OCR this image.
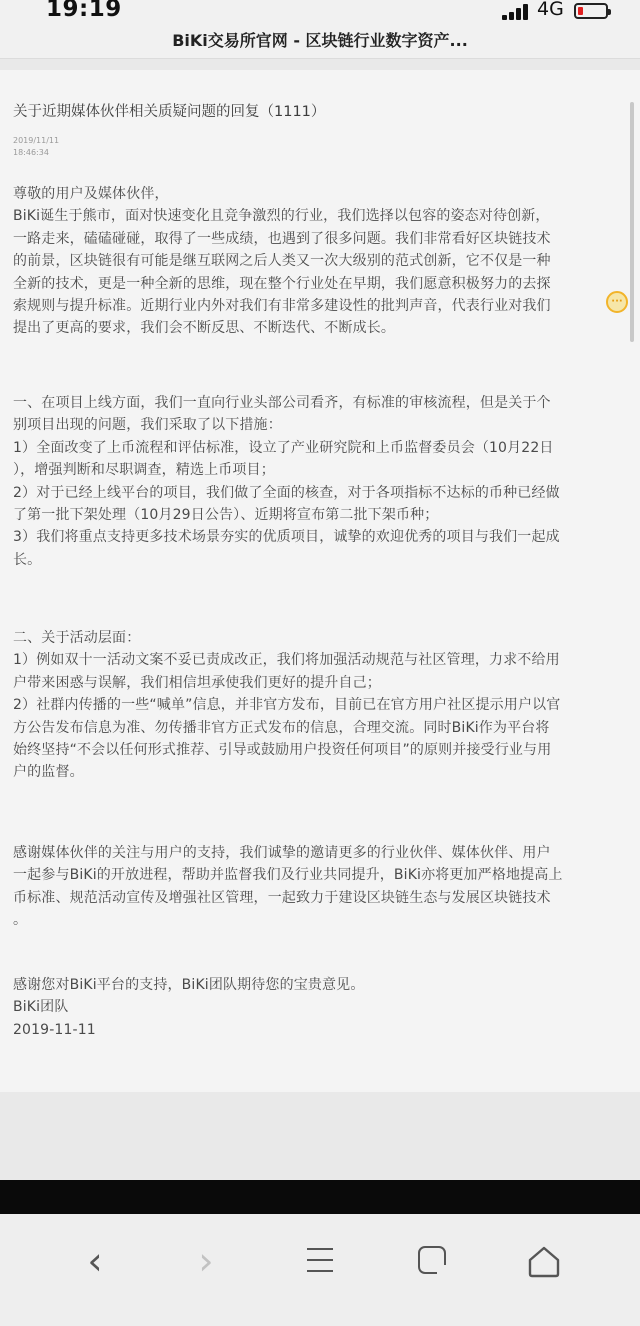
19:19	4G
BiKi交易所官网 - 区块链行业数字资产...
关于近期媒体伙伴相关质疑问题的回复（1111）
2019/11/11
18:46:34

尊敬的用户及媒体伙伴，
BiKi诞生于熊市，面对快速变化且竞争激烈的行业，我们选择以包容的姿态对待创新，
一路走来，磕磕碰碰，取得了一些成绩，也遇到了很多问题。我们非常看好区块链技术
的前景，区块链很有可能是继互联网之后人类又一次大级别的范式创新，它不仅是一种
全新的技术，更是一种全新的思维，现在整个行业处在早期，我们愿意积极努力的去探
索规则与提升标准。近期行业内外对我们有非常多建设性的批判声音，代表行业对我们
提出了更高的要求，我们会不断反思、不断迭代、不断成长。

一、在项目上线方面，我们一直向行业头部公司看齐，有标准的审核流程，但是关于个
别项目出现的问题，我们采取了以下措施：
1）全面改变了上币流程和评估标准，设立了产业研究院和上币监督委员会（10月22日
），增强判断和尽职调查，精选上币项目；
2）对于已经上线平台的项目，我们做了全面的核查，对于各项指标不达标的币种已经做
了第一批下架处理（10月29日公告）、近期将宣布第二批下架币种；
3）我们将重点支持更多技术场景夯实的优质项目，诚挚的欢迎优秀的项目与我们一起成
长。

二、关于活动层面：
1）例如双十一活动文案不妥已责成改正，我们将加强活动规范与社区管理，力求不给用
户带来困惑与误解，我们相信坦承使我们更好的提升自己；
2）社群内传播的一些“喊单”信息，并非官方发布，目前已在官方用户社区提示用户以官
方公告发布信息为准、勿传播非官方正式发布的信息，合理交流。同时BiKi作为平台将
始终坚持“不会以任何形式推荐、引导或鼓励用户投资任何项目”的原则并接受行业与用
户的监督。

感谢媒体伙伴的关注与用户的支持，我们诚挚的邀请更多的行业伙伴、媒体伙伴、用户
一起参与BiKi的开放进程，帮助并监督我们及行业共同提升，BiKi亦将更加严格地提高上
币标准、规范活动宣传及增强社区管理，一起致力于建设区块链生态与发展区块链技术
。

感谢您对BiKi平台的支持，BiKi团队期待您的宝贵意见。
BiKi团队
2019-11-11

···
‹	›
